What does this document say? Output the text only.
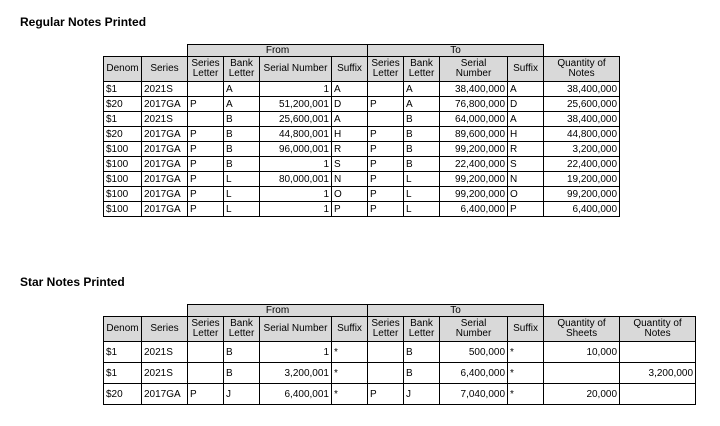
Regular Notes Printed
		From				To				
Denom	Series	Series Letter	Bank Letter	Serial Number	Suffix	Series Letter	Bank Letter	Serial Number	Suffix	Quantity of Notes
$1	2021S		A	1	A		A	38,400,000	A	38,400,000
$20	2017GA	P	A	51,200,001	D	P	A	76,800,000	D	25,600,000
$1	2021S		B	25,600,001	A		B	64,000,000	A	38,400,000
$20	2017GA	P	B	44,800,001	H	P	B	89,600,000	H	44,800,000
$100	2017GA	P	B	96,000,001	R	P	B	99,200,000	R	3,200,000
$100	2017GA	P	B	1	S	P	B	22,400,000	S	22,400,000
$100	2017GA	P	L	80,000,001	N	P	L	99,200,000	N	19,200,000
$100	2017GA	P	L	1	O	P	L	99,200,000	O	99,200,000
$100	2017GA	P	L	1	P	P	L	6,400,000	P	6,400,000
Star Notes Printed
		From				To					
Denom	Series	Series Letter	Bank Letter	Serial Number	Suffix	Series Letter	Bank Letter	Serial Number	Suffix	Quantity of Sheets	Quantity of Notes
$1	2021S		B	1	*		B	500,000	*	10,000	
$1	2021S		B	3,200,001	*		B	6,400,000	*		3,200,000
$20	2017GA	P	J	6,400,001	*	P	J	7,040,000	*	20,000	
